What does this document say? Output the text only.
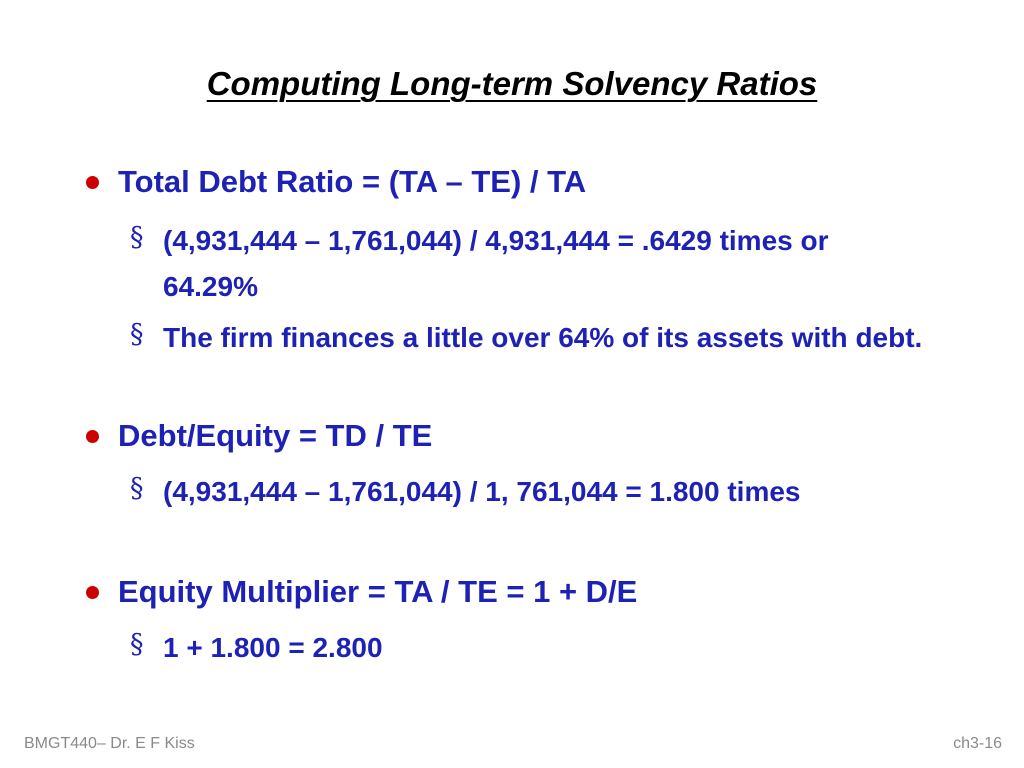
Computing Long-term Solvency Ratios
Total Debt Ratio = (TA – TE) / TA
§ (4,931,444 – 1,761,044) / 4,931,444 = .6429 times or 64.29%
§ The firm finances a little over 64% of its assets with debt.
Debt/Equity = TD / TE
§ (4,931,444 – 1,761,044) / 1, 761,044 = 1.800 times
Equity Multiplier = TA / TE = 1 + D/E
§ 1 + 1.800 = 2.800
BMGT440– Dr. E F Kiss	ch3-16
